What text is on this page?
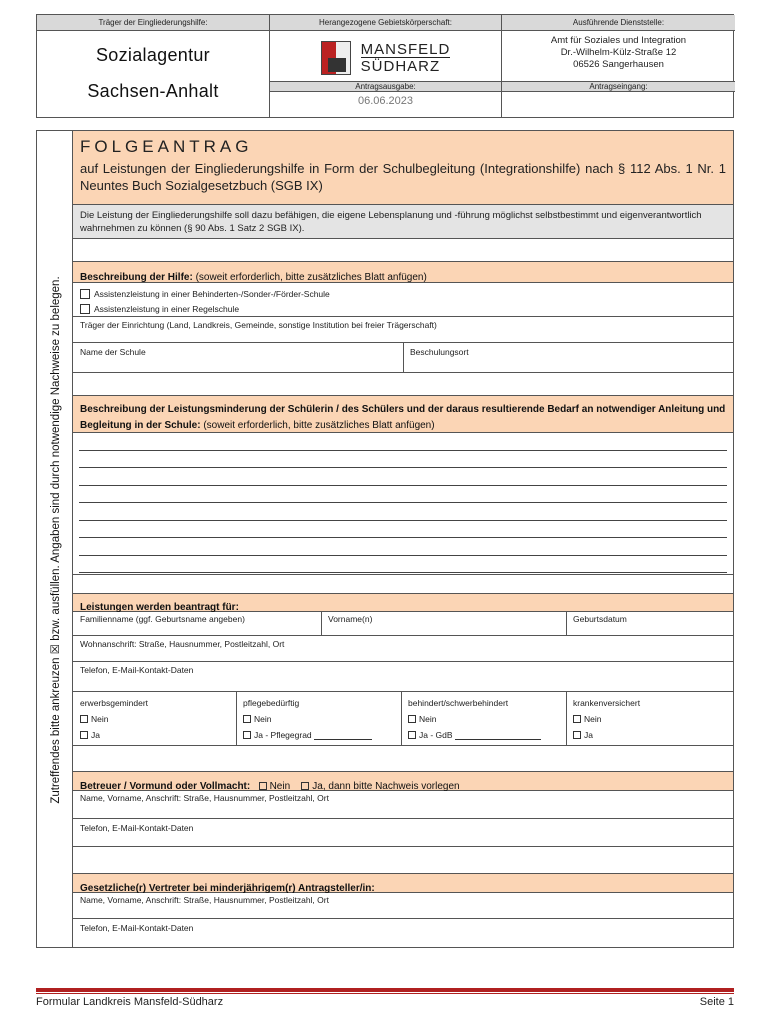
Träger der Eingliederungshilfe:
Sozialagentur
Sachsen-Anhalt
Herangezogene Gebietskörperschaft:
MANSFELD
SÜDHARZ
Antragsausgabe:
06.06.2023
Ausführende Dienststelle:
Amt für Soziales und Integration
Dr.-Wilhelm-Külz-Straße 12
06526 Sangerhausen
Antragseingang:
Zutreffendes bitte ankreuzen ☒ bzw. ausfüllen. Angaben sind durch notwendige Nachweise zu belegen.
FOLGEANTRAG
auf Leistungen der Eingliederungshilfe in Form der Schulbegleitung (Integrationshilfe) nach § 112 Abs. 1 Nr. 1 Neuntes Buch Sozialgesetzbuch (SGB IX)
Die Leistung der Eingliederungshilfe soll dazu befähigen, die eigene Lebensplanung und -führung möglichst selbstbestimmt und eigenverantwortlich wahrnehmen zu können (§ 90 Abs. 1 Satz 2 SGB IX).
Beschreibung der Hilfe: (soweit erforderlich, bitte zusätzliches Blatt anfügen)
Assistenzleistung in einer Behinderten-/Sonder-/Förder-Schule
Assistenzleistung in einer Regelschule
Träger der Einrichtung (Land, Landkreis, Gemeinde, sonstige Institution bei freier Trägerschaft)
Name der Schule	Beschulungsort
Beschreibung der Leistungsminderung der Schülerin / des Schülers und der daraus resultierende Bedarf an notwendiger Anleitung und Begleitung in der Schule: (soweit erforderlich, bitte zusätzliches Blatt anfügen)
Leistungen werden beantragt für:
Familienname (ggf. Geburtsname angeben)	Vorname(n)	Geburtsdatum
Wohnanschrift: Straße, Hausnummer, Postleitzahl, Ort
Telefon, E-Mail-Kontakt-Daten
erwerbsgemindert
Nein
Ja
pflegebedürftig
Nein
Ja - Pflegegrad
behindert/schwerbehindert
Nein
Ja - GdB
krankenversichert
Nein
Ja
Betreuer / Vormund oder Vollmacht: Nein Ja, dann bitte Nachweis vorlegen
Name, Vorname, Anschrift: Straße, Hausnummer, Postleitzahl, Ort
Telefon, E-Mail-Kontakt-Daten
Gesetzliche(r) Vertreter bei minderjährigem(r) Antragsteller/in:
Name, Vorname, Anschrift: Straße, Hausnummer, Postleitzahl, Ort
Telefon, E-Mail-Kontakt-Daten
Formular Landkreis Mansfeld-Südharz	Seite 1
